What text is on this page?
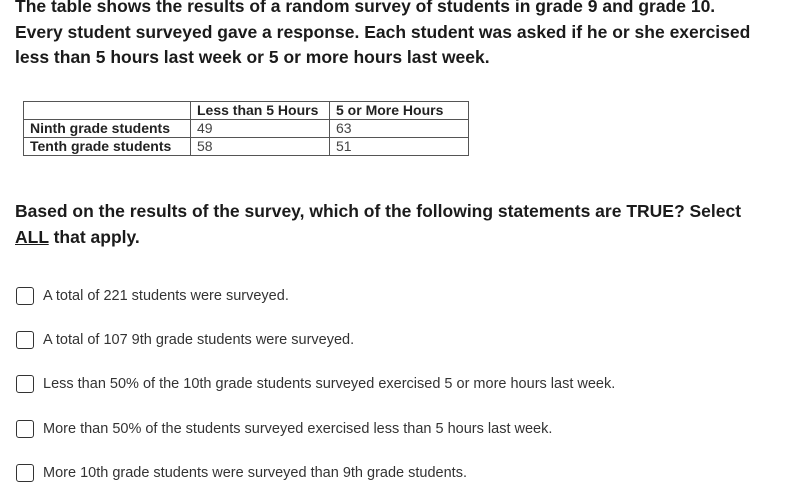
The table shows the results of a random survey of students in grade 9 and grade 10.
Every student surveyed gave a response. Each student was asked if he or she exercised
less than 5 hours last week or 5 or more hours last week.
	Less than 5 Hours	5 or More Hours
Ninth grade students	49	63
Tenth grade students	58	51
Based on the results of the survey, which of the following statements are TRUE? Select
ALL that apply.
A total of 221 students were surveyed.
A total of 107 9th grade students were surveyed.
Less than 50% of the 10th grade students surveyed exercised 5 or more hours last week.
More than 50% of the students surveyed exercised less than 5 hours last week.
More 10th grade students were surveyed than 9th grade students.
